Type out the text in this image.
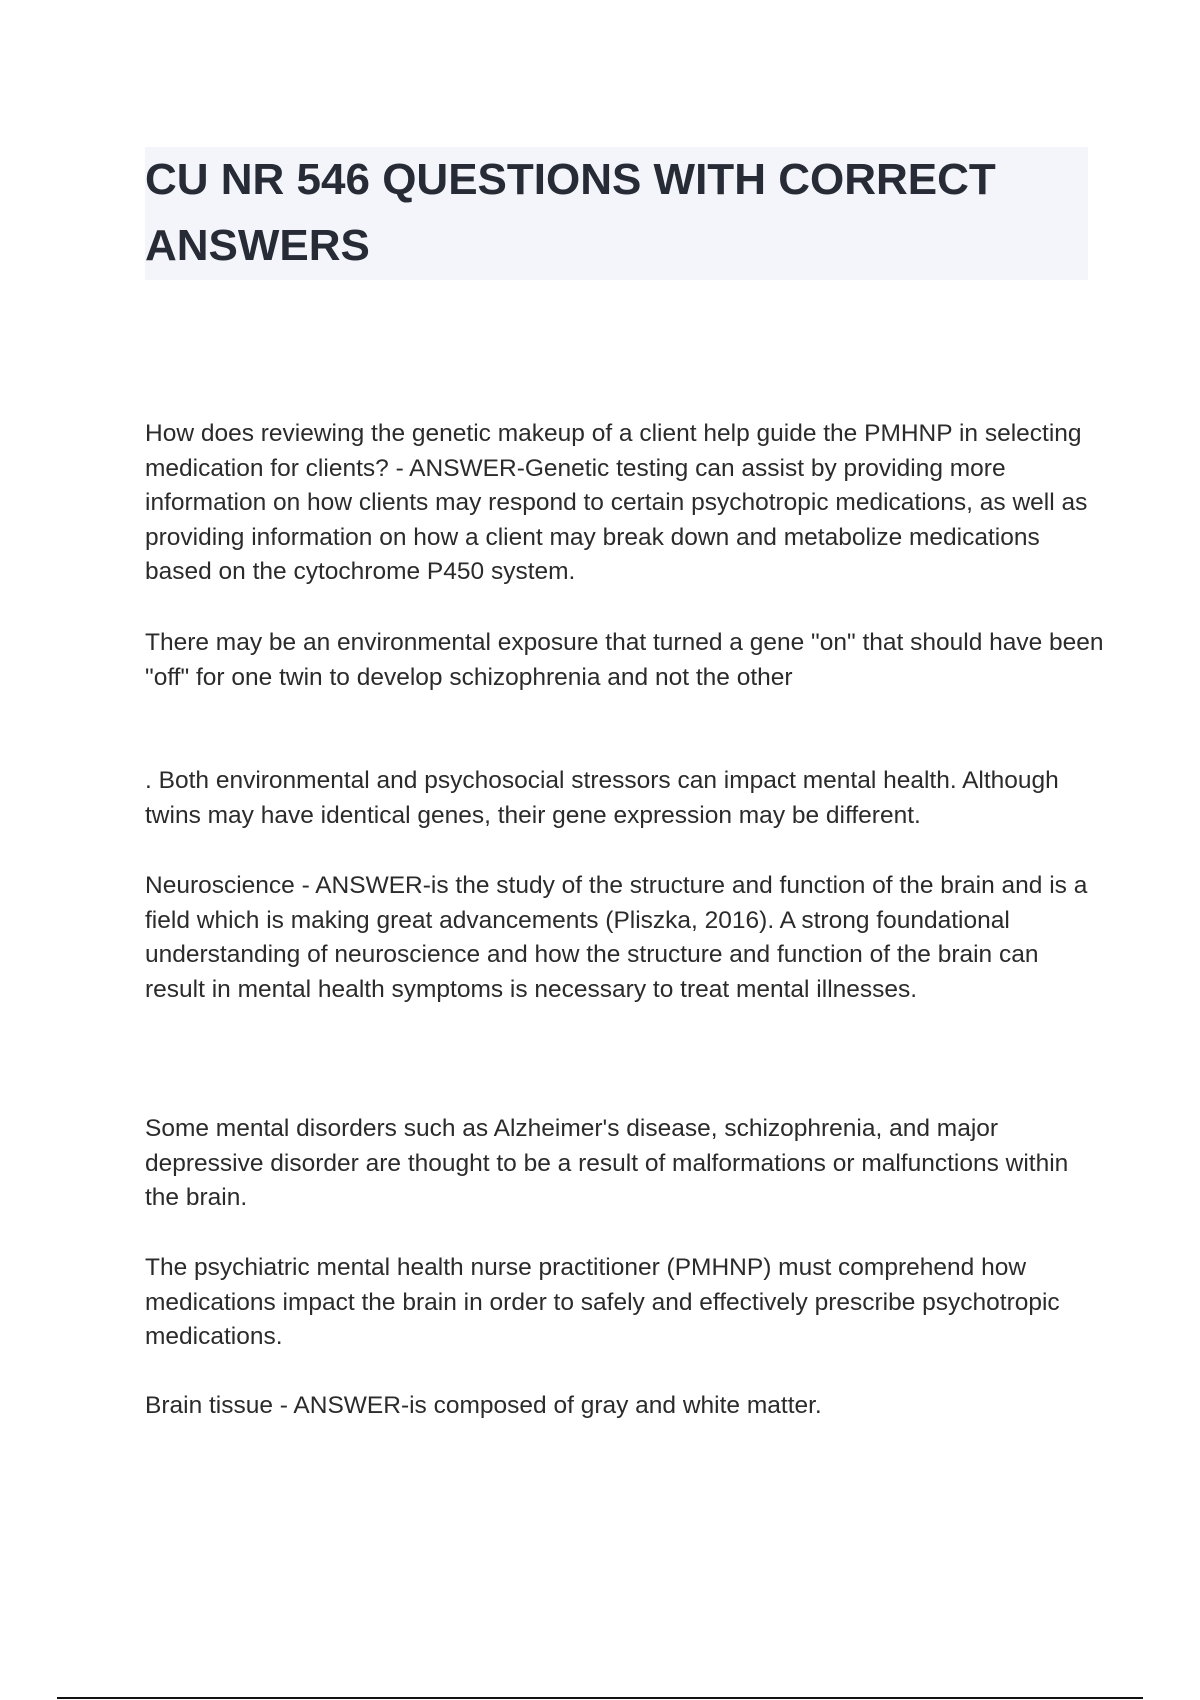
CU NR 546 QUESTIONS WITH CORRECT ANSWERS

How does reviewing the genetic makeup of a client help guide the PMHNP in selecting medication for clients? - ANSWER-Genetic testing can assist by providing more information on how clients may respond to certain psychotropic medications, as well as providing information on how a client may break down and metabolize medications based on the cytochrome P450 system.

There may be an environmental exposure that turned a gene "on" that should have been "off" for one twin to develop schizophrenia and not the other

. Both environmental and psychosocial stressors can impact mental health. Although twins may have identical genes, their gene expression may be different.

Neuroscience - ANSWER-is the study of the structure and function of the brain and is a field which is making great advancements (Pliszka, 2016). A strong foundational understanding of neuroscience and how the structure and function of the brain can result in mental health symptoms is necessary to treat mental illnesses.

Some mental disorders such as Alzheimer's disease, schizophrenia, and major depressive disorder are thought to be a result of malformations or malfunctions within the brain.

The psychiatric mental health nurse practitioner (PMHNP) must comprehend how medications impact the brain in order to safely and effectively prescribe psychotropic medications.

Brain tissue - ANSWER-is composed of gray and white matter.
